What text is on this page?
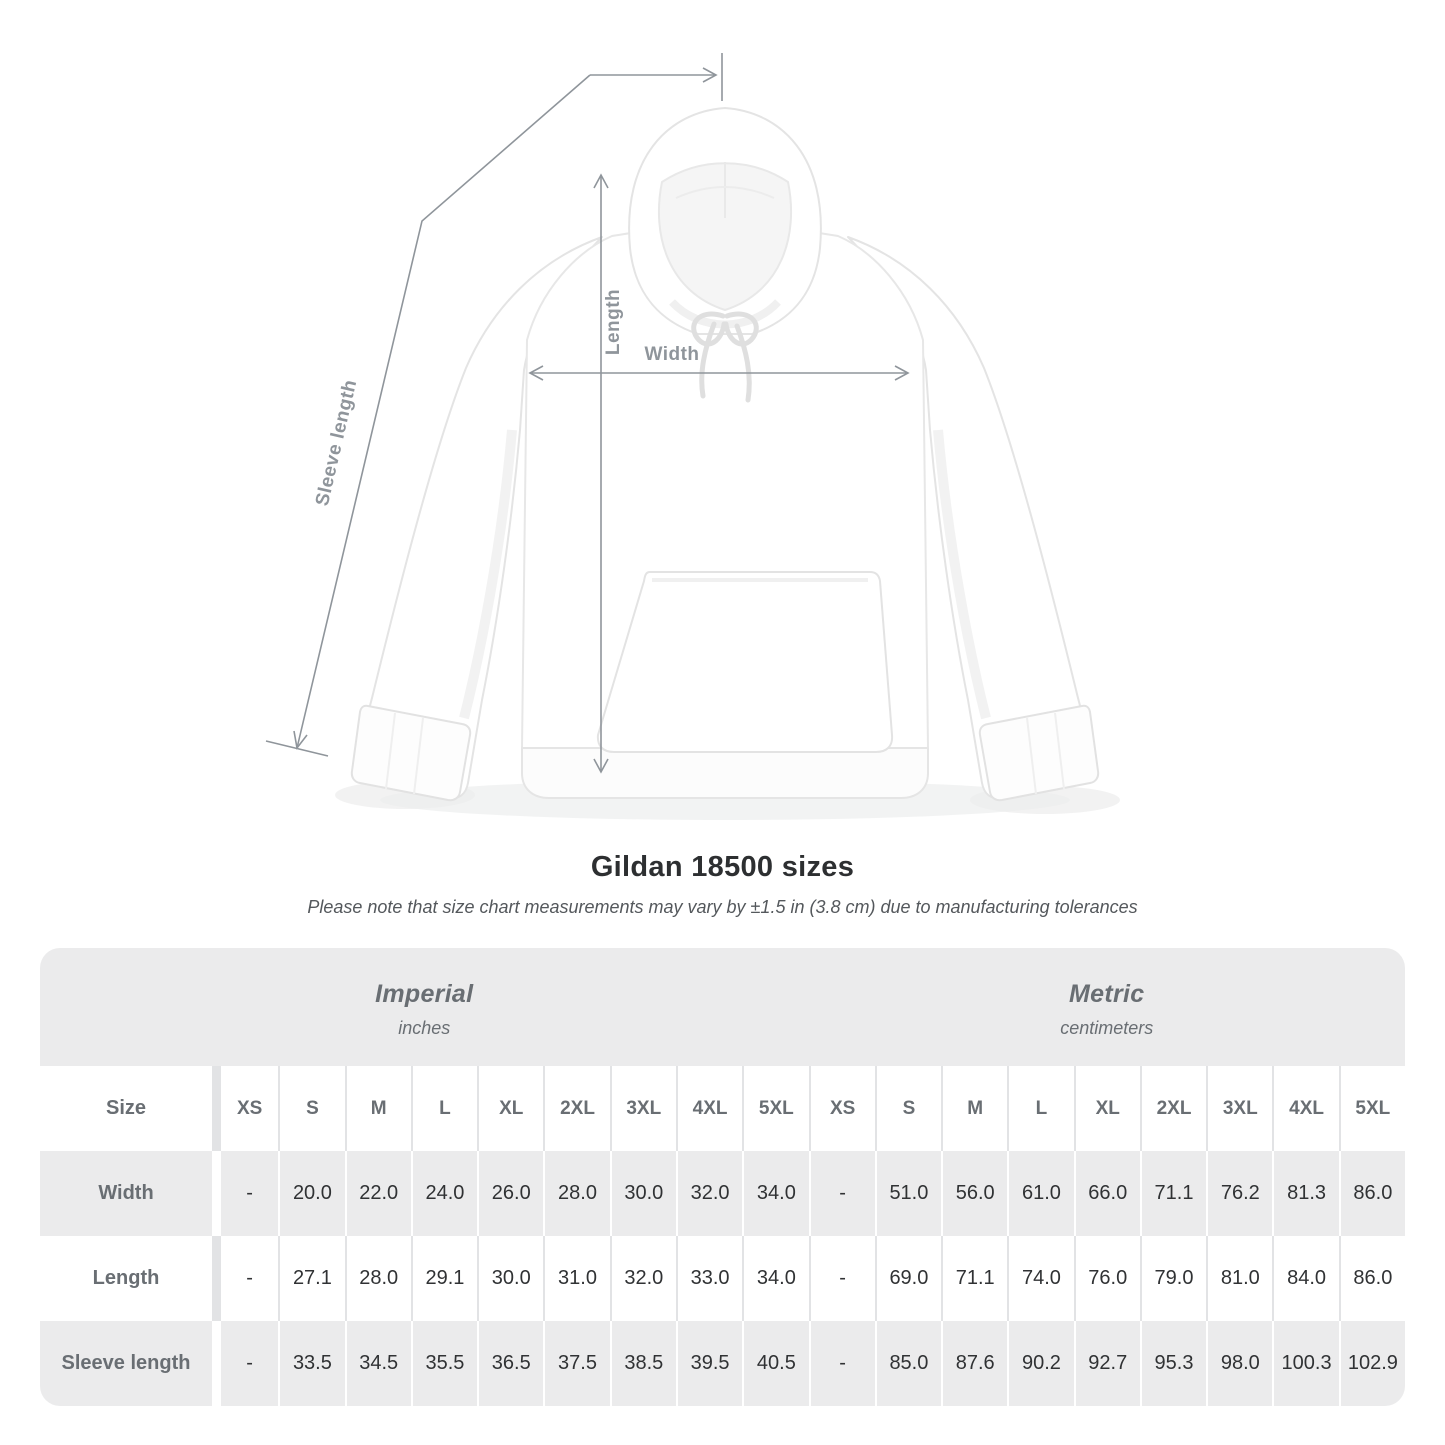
Sleeve length
Length Width
Gildan 18500 sizes

Please note that size chart measurements may vary by ±1.5 in (3.8 cm) due to manufacturing tolerances

Imperial
inches
Metric
centimeters
Size	XS	S	M	L	XL	2XL	3XL	4XL	5XL	XS	S	M	L	XL	2XL	3XL	4XL	5XL
Width	-	20.0	22.0	24.0	26.0	28.0	30.0	32.0	34.0	-	51.0	56.0	61.0	66.0	71.1	76.2	81.3	86.0
Length	-	27.1	28.0	29.1	30.0	31.0	32.0	33.0	34.0	-	69.0	71.1	74.0	76.0	79.0	81.0	84.0	86.0
Sleeve length	-	33.5	34.5	35.5	36.5	37.5	38.5	39.5	40.5	-	85.0	87.6	90.2	92.7	95.3	98.0	100.3 102.9
